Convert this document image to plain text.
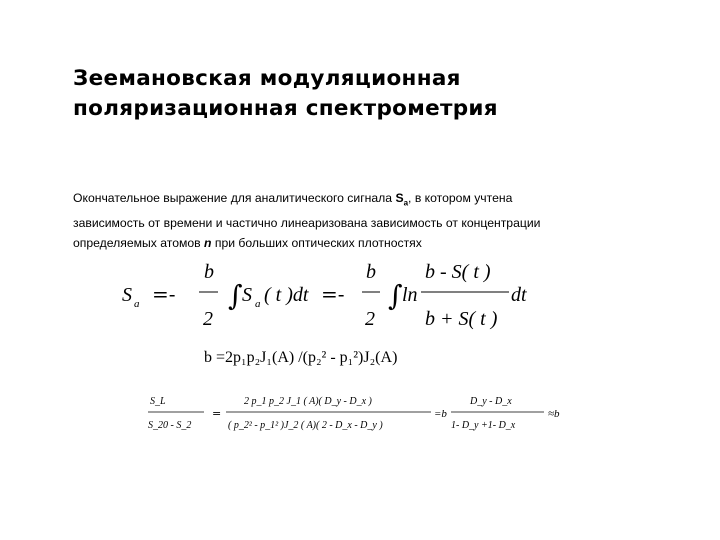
Зеемановская модуляционная
поляризационная спектрометрия
Окончательное выражение для аналитического сигнала $S_a$, в котором учтена
зависимость от времени и частично линеаризована зависимость от концентрации
определяемых атомов n при больших оптических плотностях
S a =-
b
2
∫ S a ( t )dt =-
b
2
∫ ln
b - S( t )
b + S( t )
dt
b =2p₁p₂J₁(A) /(p₂² - p₁²)J₂(A)
S_L
S_20 - S_2
=
2 p_1 p_2 J_1 ( A)( D_y - D_x )
( p_2² - p_1² )J_2 ( A)( 2 - D_x - D_y )
=b
D_y - D_x
1- D_y +1- D_x
≈b
